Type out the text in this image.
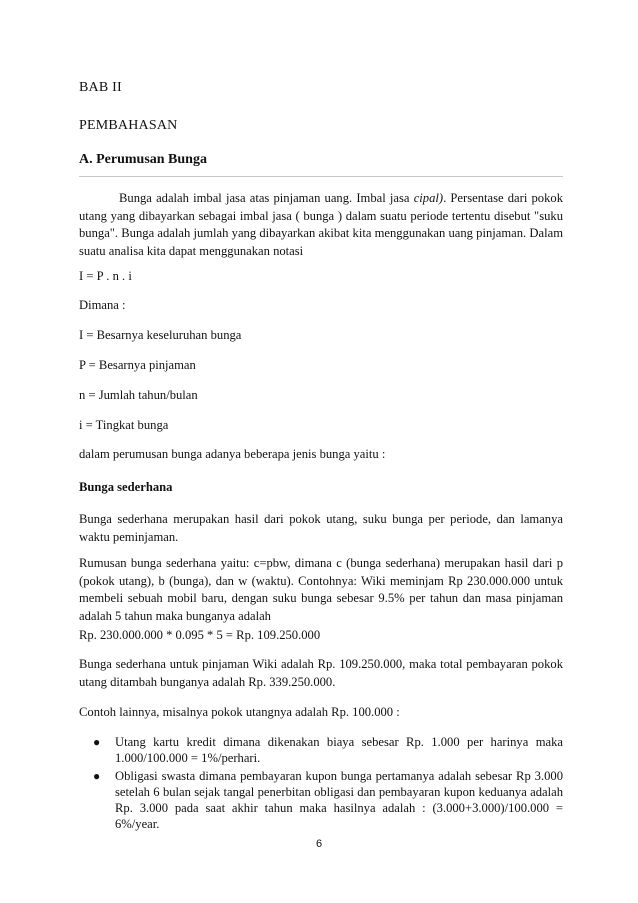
BAB II

PEMBAHASAN

A. Perumusan Bunga

Bunga adalah imbal jasa atas pinjaman uang. Imbal jasa cipal). Persentase dari pokok utang yang dibayarkan sebagai imbal jasa ( bunga ) dalam suatu periode tertentu disebut "suku bunga". Bunga adalah jumlah yang dibayarkan akibat kita menggunakan uang pinjaman. Dalam suatu analisa kita dapat menggunakan notasi

I = P . n . i

Dimana :

I = Besarnya keseluruhan bunga

P = Besarnya pinjaman

n = Jumlah tahun/bulan

i = Tingkat bunga

dalam perumusan bunga adanya beberapa jenis bunga yaitu :

Bunga sederhana

Bunga sederhana merupakan hasil dari pokok utang, suku bunga per periode, dan lamanya waktu peminjaman.

Rumusan bunga sederhana yaitu: c=pbw, dimana c (bunga sederhana) merupakan hasil dari p (pokok utang), b (bunga), dan w (waktu). Contohnya: Wiki meminjam Rp 230.000.000 untuk membeli sebuah mobil baru, dengan suku bunga sebesar 9.5% per tahun dan masa pinjaman adalah 5 tahun maka bunganya adalah

Rp. 230.000.000 * 0.095 * 5 = Rp. 109.250.000

Bunga sederhana untuk pinjaman Wiki adalah Rp. 109.250.000, maka total pembayaran pokok utang ditambah bunganya adalah Rp. 339.250.000.

Contoh lainnya, misalnya pokok utangnya adalah Rp. 100.000 :

● Utang kartu kredit dimana dikenakan biaya sebesar Rp. 1.000 per harinya maka 1.000/100.000 = 1%/perhari.
● Obligasi swasta dimana pembayaran kupon bunga pertamanya adalah sebesar Rp 3.000 setelah 6 bulan sejak tangal penerbitan obligasi dan pembayaran kupon keduanya adalah Rp. 3.000 pada saat akhir tahun maka hasilnya adalah : (3.000+3.000)/100.000 = 6%/year.
6
